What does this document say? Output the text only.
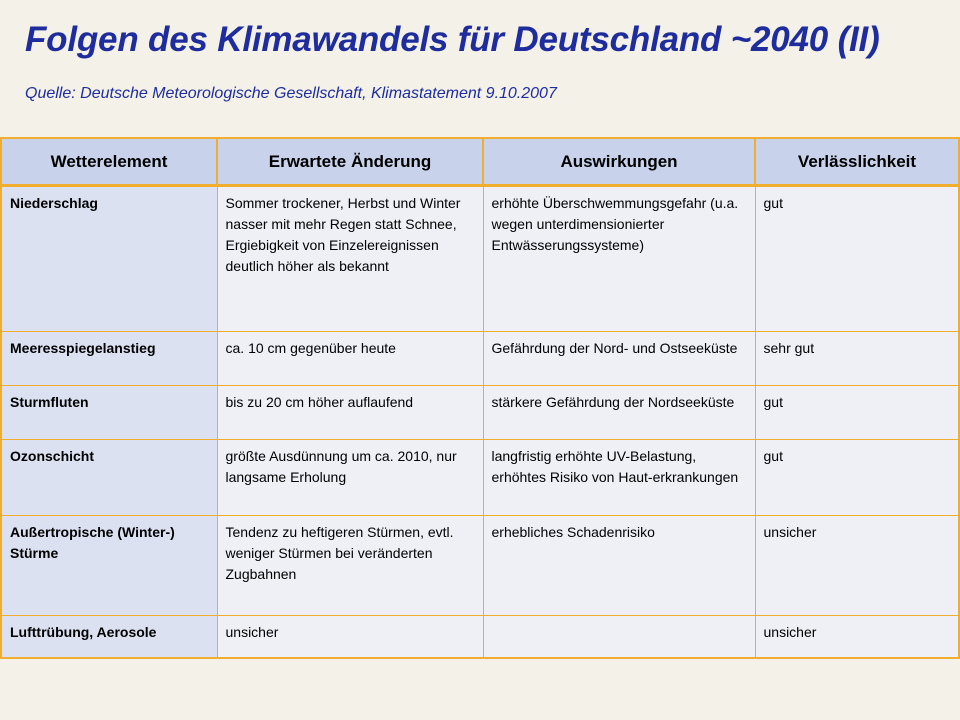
Folgen des Klimawandels für Deutschland ~2040 (II)
Quelle: Deutsche Meteorologische Gesellschaft, Klimastatement 9.10.2007
Wetterelement	Erwartete Änderung	Auswirkungen	Verlässlichkeit
Niederschlag	Sommer trockener, Herbst und Winter nasser mit mehr Regen statt Schnee, Ergiebigkeit von Einzelereignissen deutlich höher als bekannt	erhöhte Überschwemmungsgefahr (u.a. wegen unterdimensionierter Entwässerungssysteme)	gut
Meeresspiegelanstieg	ca. 10 cm gegenüber heute	Gefährdung der Nord- und Ostseeküste	sehr gut
Sturmfluten	bis zu 20 cm höher auflaufend	stärkere Gefährdung der Nordseeküste	gut
Ozonschicht	größte Ausdünnung um ca. 2010, nur langsame Erholung	langfristig erhöhte UV-Belastung, erhöhtes Risiko von Haut-erkrankungen	gut
Außertropische (Winter-) Stürme	Tendenz zu heftigeren Stürmen, evtl. weniger Stürmen bei veränderten Zugbahnen	erhebliches Schadenrisiko	unsicher
Lufttrübung, Aerosole	unsicher		unsicher
